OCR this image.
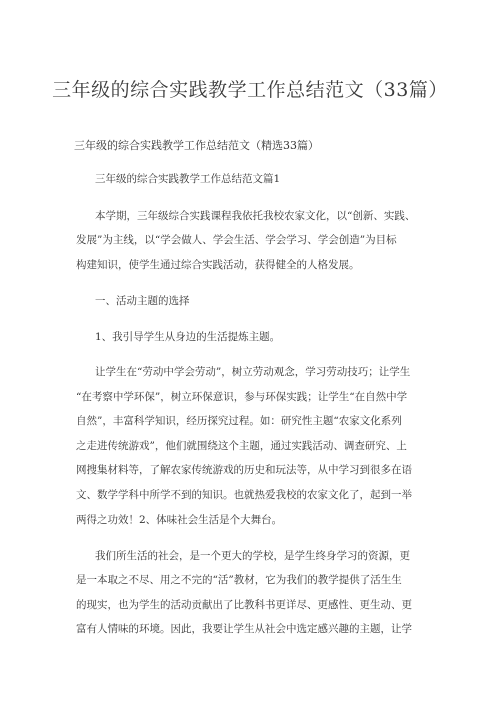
三年级的综合实践教学工作总结范文（33篇）
三年级的综合实践教学工作总结范文（精选33篇）
三年级的综合实践教学工作总结范文篇1
本学期，三年级综合实践课程我依托我校农家文化，以“创新、实践、
发展”为主线，以“学会做人、学会生活、学会学习、学会创造”为目标
构建知识，使学生通过综合实践活动，获得健全的人格发展。
一、活动主题的选择
1、我引导学生从身边的生活提炼主题。
让学生在“劳动中学会劳动”，树立劳动观念，学习劳动技巧；让学生
“在考察中学环保”，树立环保意识，参与环保实践；让学生“在自然中学
自然”，丰富科学知识，经历探究过程。如：研究性主题“农家文化系列
之走进传统游戏”，他们就围绕这个主题，通过实践活动、调查研究、上
网搜集材料等，了解农家传统游戏的历史和玩法等，从中学习到很多在语
文、数学学科中所学不到的知识。也就热爱我校的农家文化了，起到一举
两得之功效！2、体味社会生活是个大舞台。
我们所生活的社会，是一个更大的学校，是学生终身学习的资源，更
是一本取之不尽、用之不完的“活”教材，它为我们的教学提供了活生生
的现实，也为学生的活动贡献出了比教科书更详尽、更感性、更生动、更
富有人情味的环境。因此，我要让学生从社会中选定感兴趣的主题，让学
